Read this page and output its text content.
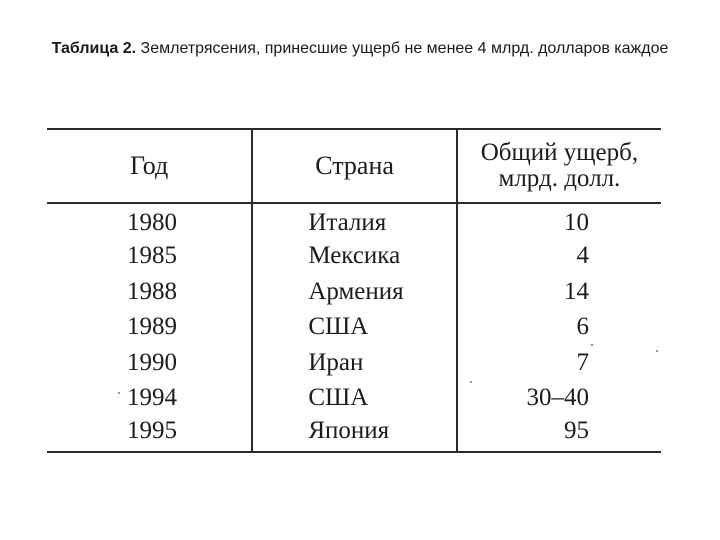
Таблица 2. Землетрясения, принесшие ущерб не менее 4 млрд. долларов каждое
Год	Страна	Общий ущерб,
млрд. долл.

1980	Италия	10
1985	Мексика	4
1988	Армения	14
1989	США	6
1990	Иран	7
1994	США	30–40
1995	Япония	95
